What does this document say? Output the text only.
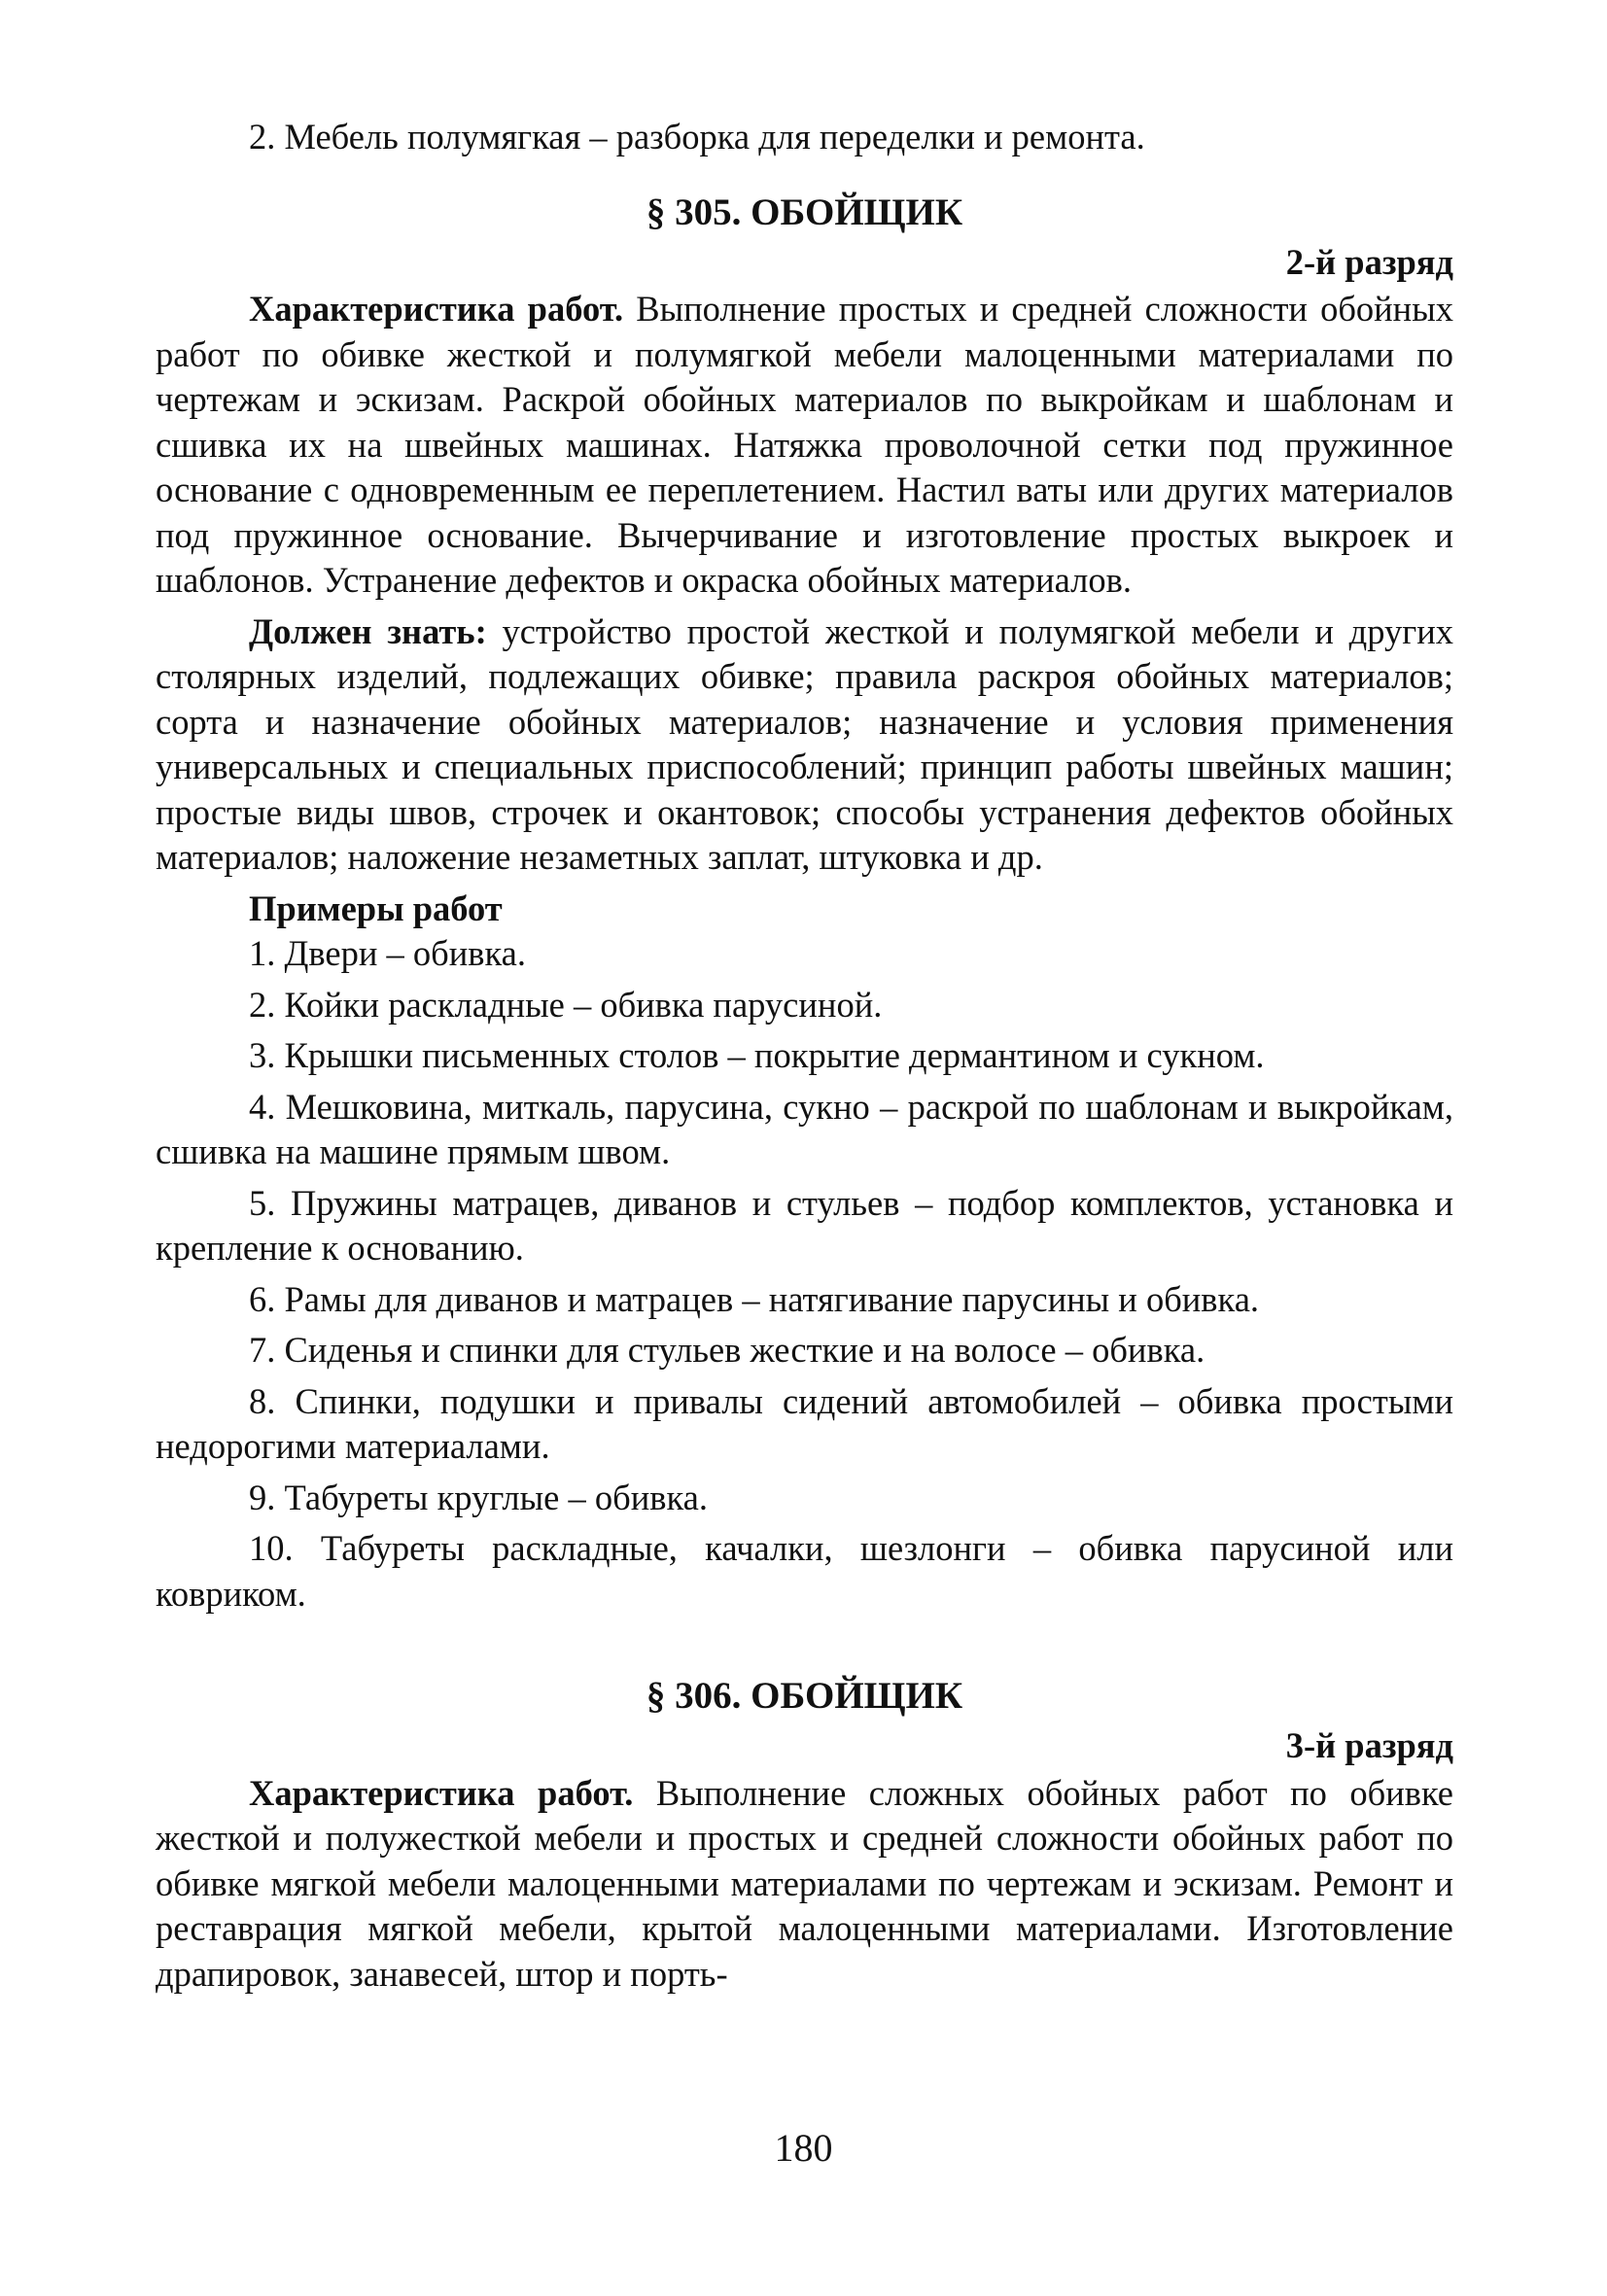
2. Мебель полумягкая – разборка для переделки и ремонта.

§ 305. ОБОЙЩИК
2-й разряд

Характеристика работ. Выполнение простых и средней сложности обойных работ по обивке жесткой и полумягкой мебели малоценными материалами по чертежам и эскизам. Раскрой обойных материалов по выкройкам и шаблонам и сшивка их на швейных машинах. Натяжка проволочной сетки под пружинное основание с одновременным ее переплетением. Настил ваты или других материалов под пружинное основание. Вычерчивание и изготовление простых выкроек и шаблонов. Устранение дефектов и окраска обойных материалов.

Должен знать: устройство простой жесткой и полумягкой мебели и других столярных изделий, подлежащих обивке; правила раскроя обойных материалов; сорта и назначение обойных материалов; назначение и условия применения универсальных и специальных приспособлений; принцип работы швейных машин; простые виды швов, строчек и окантовок; способы устранения дефектов обойных материалов; наложение незаметных заплат, штуковка и др.

Примеры работ
1. Двери – обивка.
2. Койки раскладные – обивка парусиной.
3. Крышки письменных столов – покрытие дермантином и сукном.
4. Мешковина, миткаль, парусина, сукно – раскрой по шаблонам и выкройкам, сшивка на машине прямым швом.
5. Пружины матрацев, диванов и стульев – подбор комплектов, установка и крепление к основанию.
6. Рамы для диванов и матрацев – натягивание парусины и обивка.
7. Сиденья и спинки для стульев жесткие и на волосе – обивка.
8. Спинки, подушки и привалы сидений автомобилей – обивка простыми недорогими материалами.
9. Табуреты круглые – обивка.
10. Табуреты раскладные, качалки, шезлонги – обивка парусиной или ковриком.
§ 306. ОБОЙЩИК
3-й разряд

Характеристика работ. Выполнение сложных обойных работ по обивке жесткой и полужесткой мебели и простых и средней сложности обойных работ по обивке мягкой мебели малоценными материалами по чертежам и эскизам. Ремонт и реставрация мягкой мебели, крытой малоценными материалами. Изготовление драпировок, занавесей, штор и порть-

180
